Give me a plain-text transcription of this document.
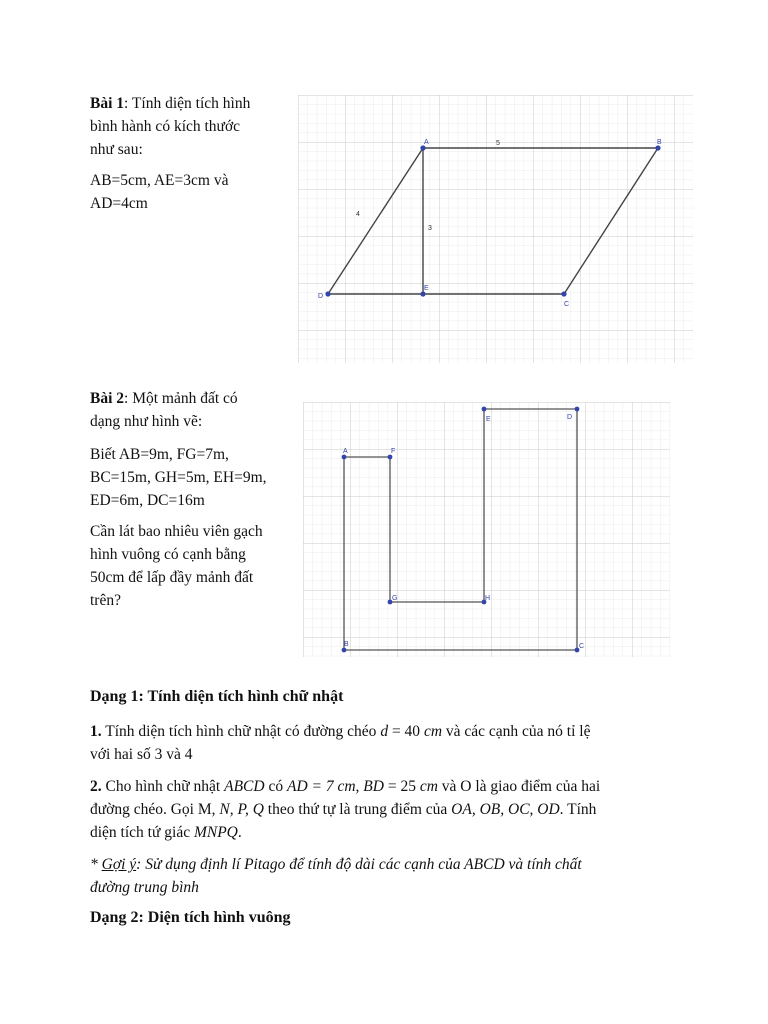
Bài 1: Tính diện tích hình
bình hành có kích thước
như sau:
AB=5cm, AE=3cm và
AD=4cm
A	B
C
D
E
5
4
3
Bài 2: Một mảnh đất có
dạng như hình vẽ:
Biết AB=9m, FG=7m,
BC=15m, GH=5m, EH=9m,
ED=6m, DC=16m
Cần lát bao nhiêu viên gạch
hình vuông có cạnh bằng
50cm để lấp đầy mảnh đất
trên?
A	F
G	H
E	D
C
B
Dạng 1: Tính diện tích hình chữ nhật
1. Tính diện tích hình chữ nhật có đường chéo d = 40 cm và các cạnh của nó tỉ lệ
với hai số 3 và 4
2. Cho hình chữ nhật ABCD có AD = 7 cm, BD = 25 cm và O là giao điểm của hai
đường chéo. Gọi M, N, P, Q theo thứ tự là trung điểm của OA, OB, OC, OD. Tính
diện tích tứ giác MNPQ.
* Gợi ý: Sử dụng định lí Pitago để tính độ dài các cạnh của ABCD và tính chất
đường trung bình
Dạng 2: Diện tích hình vuông
